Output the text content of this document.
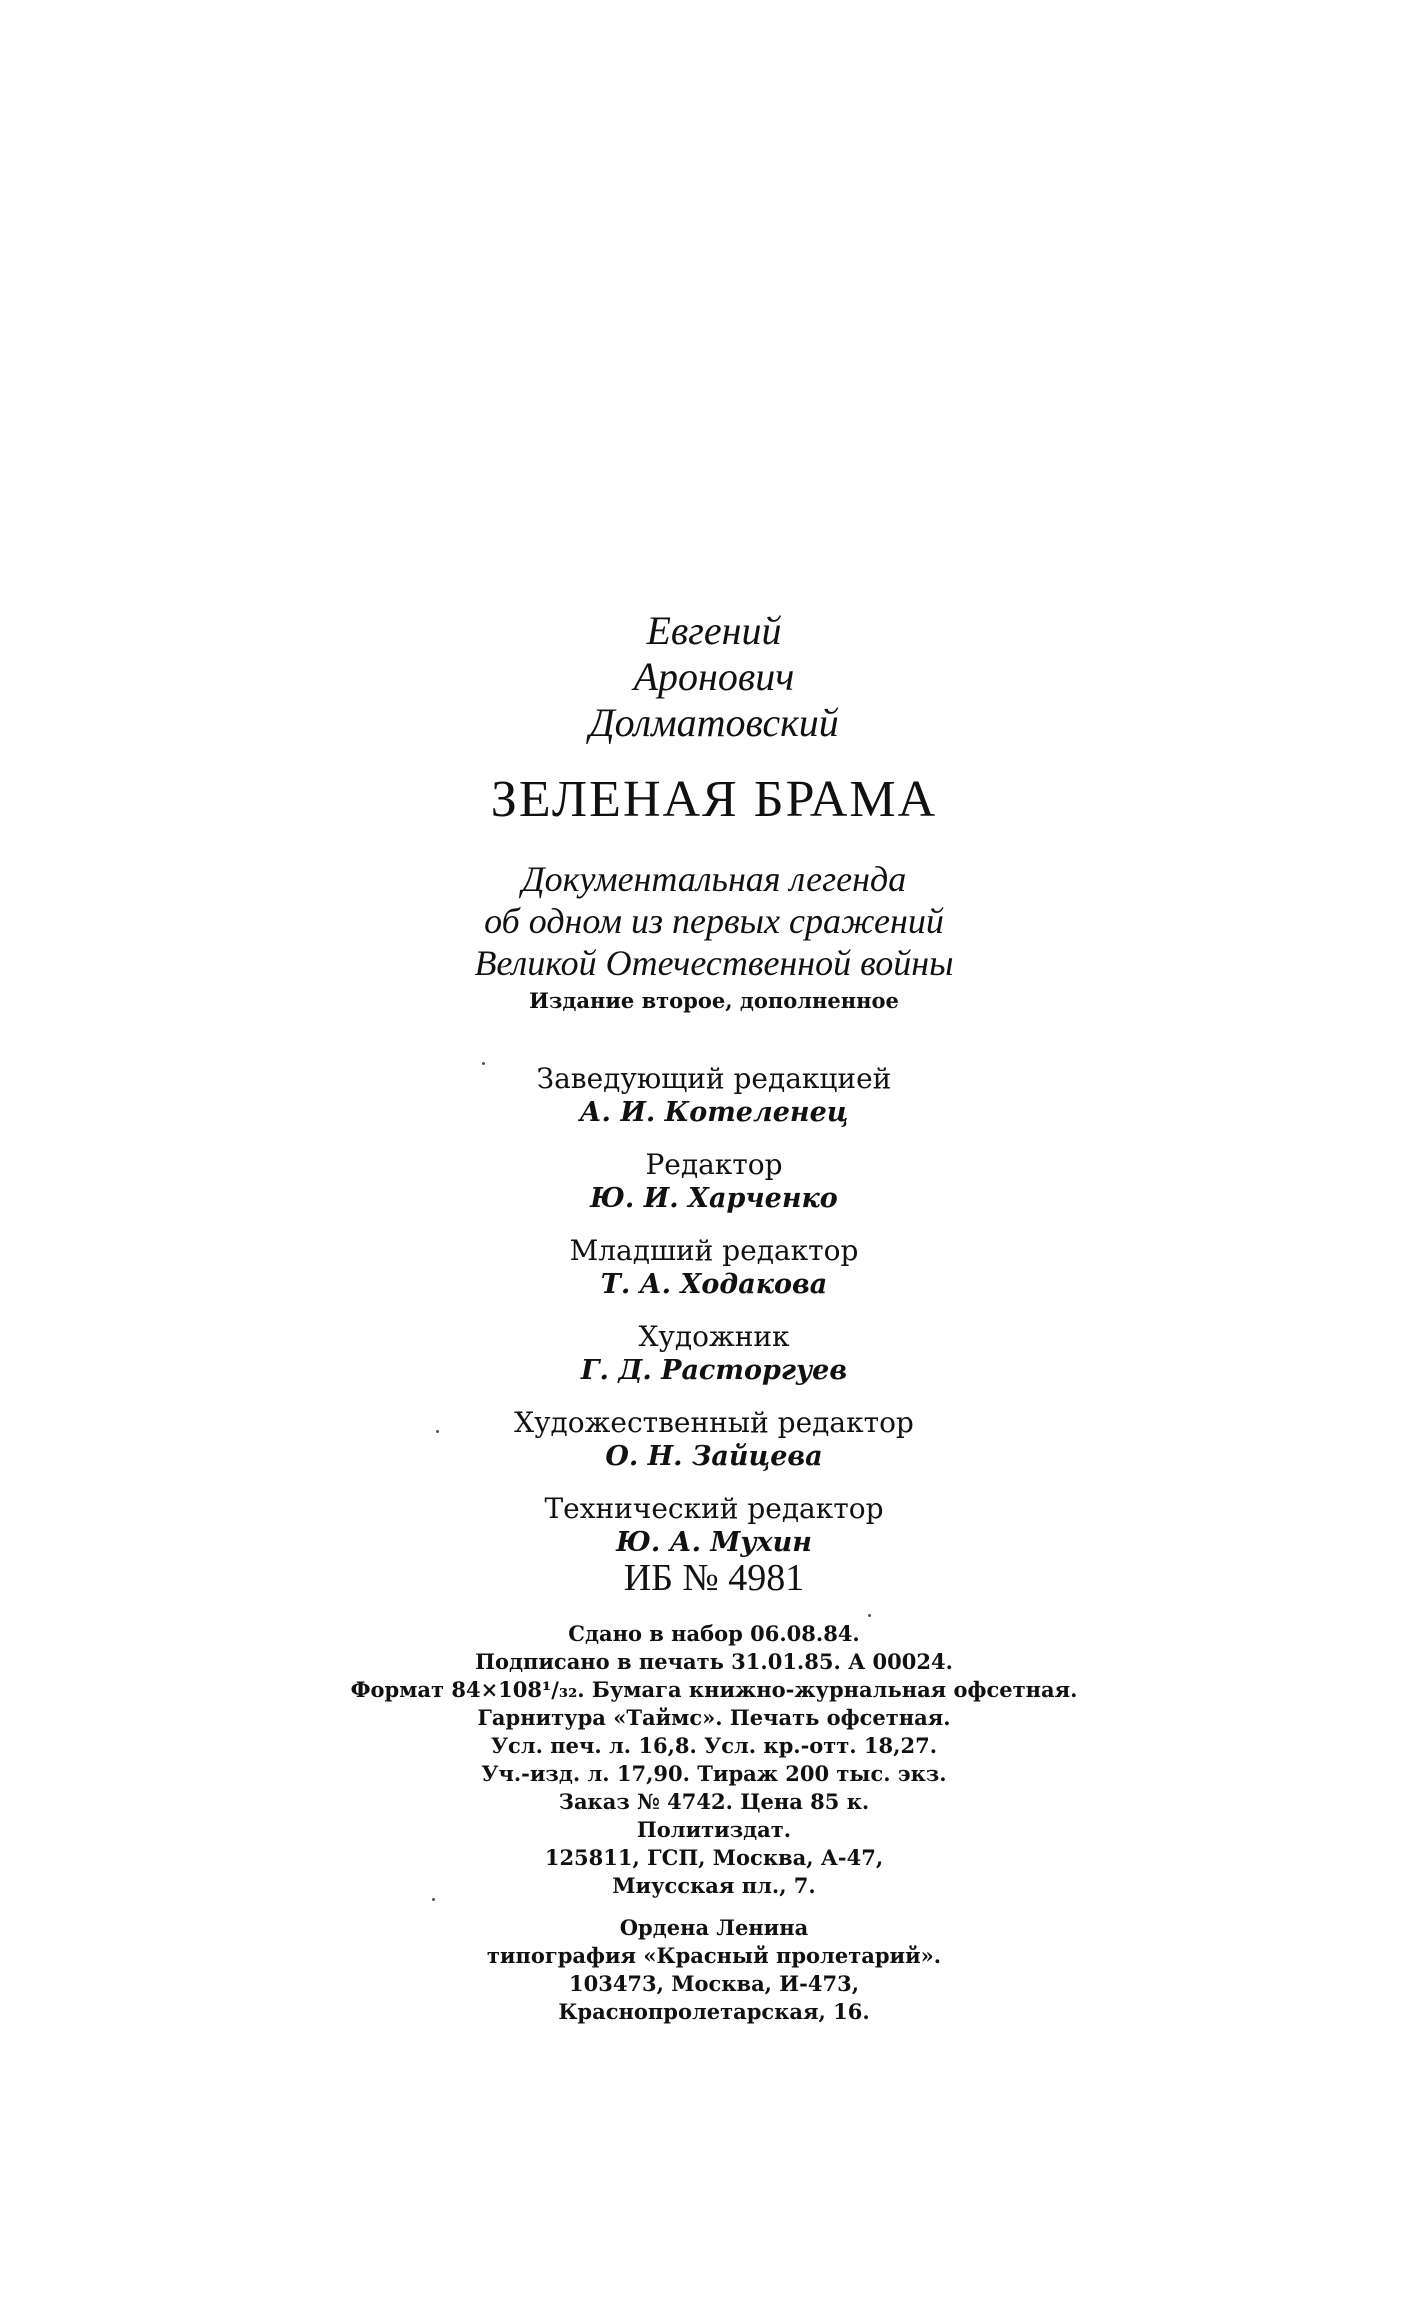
Евгений
Аронович
Долматовский
ЗЕЛЕНАЯ БРАМА
Документальная легенда
об одном из первых сражений
Великой Отечественной войны
Издание второе, дополненное
Заведующий редакцией
А. И. Котеленец
Редактор
Ю. И. Харченко
Младший редактор
Т. А. Ходакова
Художник
Г. Д. Расторгуев
Художественный редактор
О. Н. Зайцева
Технический редактор
Ю. А. Мухин
ИБ № 4981
Сдано в набор 06.08.84.
Подписано в печать 31.01.85. А 00024.
Формат 84×108¹/₃₂. Бумага книжно-журнальная офсетная.
Гарнитура «Таймс». Печать офсетная.
Усл. печ. л. 16,8. Усл. кр.-отт. 18,27.
Уч.-изд. л. 17,90. Тираж 200 тыс. экз.
Заказ № 4742. Цена 85 к.
Политиздат.
125811, ГСП, Москва, А-47,
Миусская пл., 7.
Ордена Ленина
типография «Красный пролетарий».
103473, Москва, И-473,
Краснопролетарская, 16.
